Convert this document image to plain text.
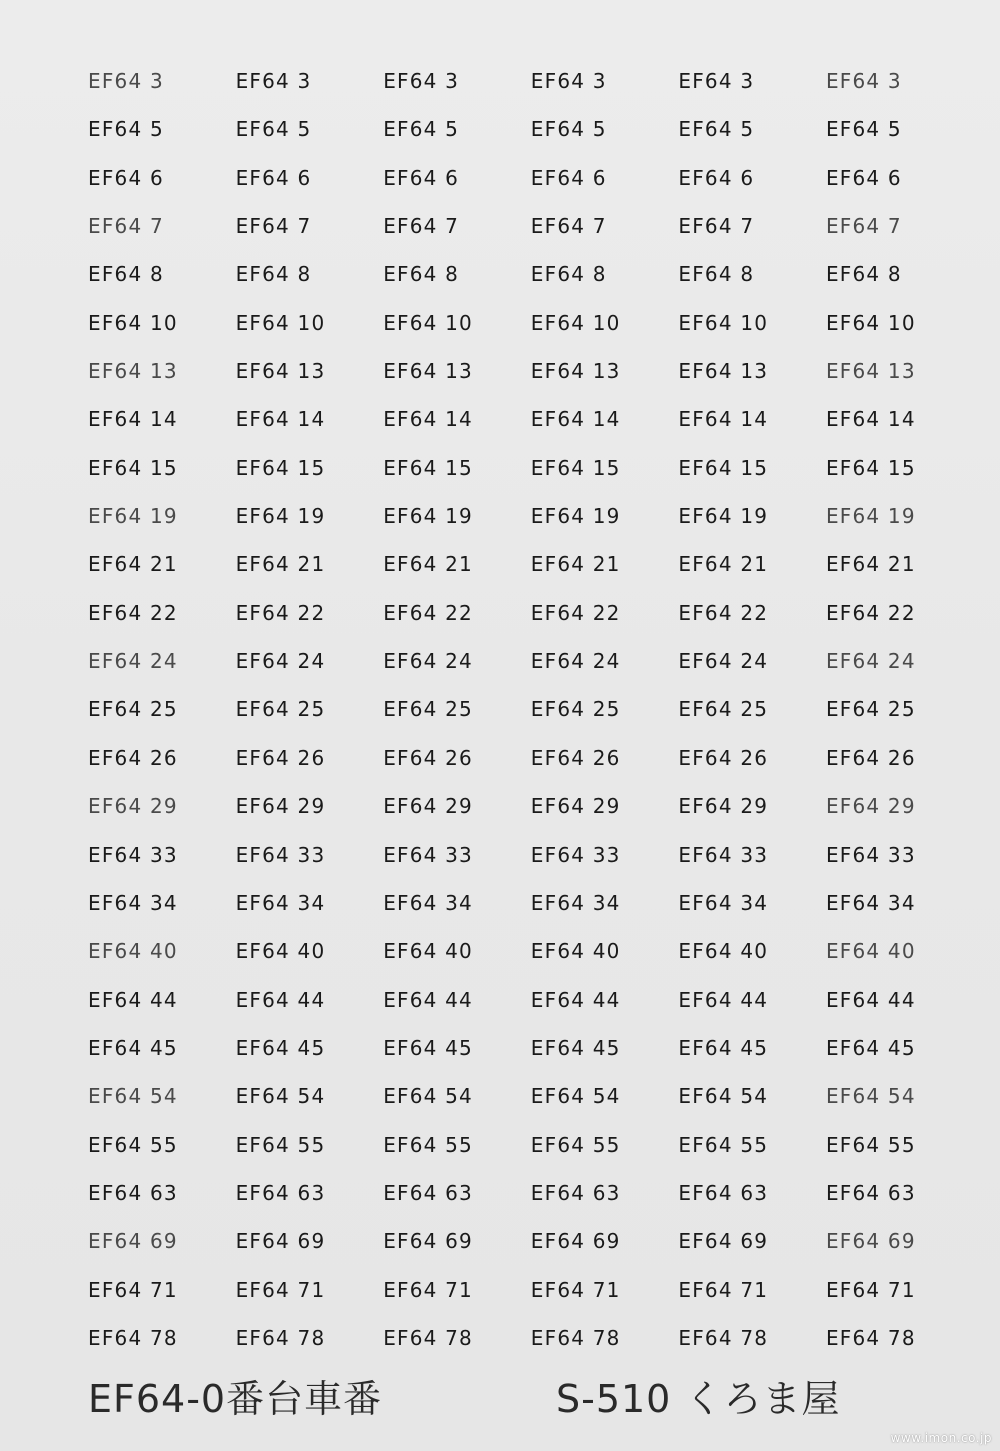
EF64 3	EF64 3	EF64 3	EF64 3	EF64 3	EF64 3
EF64 5	EF64 5	EF64 5	EF64 5	EF64 5	EF64 5
EF64 6	EF64 6	EF64 6	EF64 6	EF64 6	EF64 6
EF64 7	EF64 7	EF64 7	EF64 7	EF64 7	EF64 7
EF64 8	EF64 8	EF64 8	EF64 8	EF64 8	EF64 8
EF64 10	EF64 10	EF64 10	EF64 10	EF64 10	EF64 10
EF64 13	EF64 13	EF64 13	EF64 13	EF64 13	EF64 13
EF64 14	EF64 14	EF64 14	EF64 14	EF64 14	EF64 14
EF64 15	EF64 15	EF64 15	EF64 15	EF64 15	EF64 15
EF64 19	EF64 19	EF64 19	EF64 19	EF64 19	EF64 19
EF64 21	EF64 21	EF64 21	EF64 21	EF64 21	EF64 21
EF64 22	EF64 22	EF64 22	EF64 22	EF64 22	EF64 22
EF64 24	EF64 24	EF64 24	EF64 24	EF64 24	EF64 24
EF64 25	EF64 25	EF64 25	EF64 25	EF64 25	EF64 25
EF64 26	EF64 26	EF64 26	EF64 26	EF64 26	EF64 26
EF64 29	EF64 29	EF64 29	EF64 29	EF64 29	EF64 29
EF64 33	EF64 33	EF64 33	EF64 33	EF64 33	EF64 33
EF64 34	EF64 34	EF64 34	EF64 34	EF64 34	EF64 34
EF64 40	EF64 40	EF64 40	EF64 40	EF64 40	EF64 40
EF64 44	EF64 44	EF64 44	EF64 44	EF64 44	EF64 44
EF64 45	EF64 45	EF64 45	EF64 45	EF64 45	EF64 45
EF64 54	EF64 54	EF64 54	EF64 54	EF64 54	EF64 54
EF64 55	EF64 55	EF64 55	EF64 55	EF64 55	EF64 55
EF64 63	EF64 63	EF64 63	EF64 63	EF64 63	EF64 63
EF64 69	EF64 69	EF64 69	EF64 69	EF64 69	EF64 69
EF64 71	EF64 71	EF64 71	EF64 71	EF64 71	EF64 71
EF64 78	EF64 78	EF64 78	EF64 78	EF64 78	EF64 78
EF64-0番台車番	S-510 くろま屋
www.imon.co.jp
